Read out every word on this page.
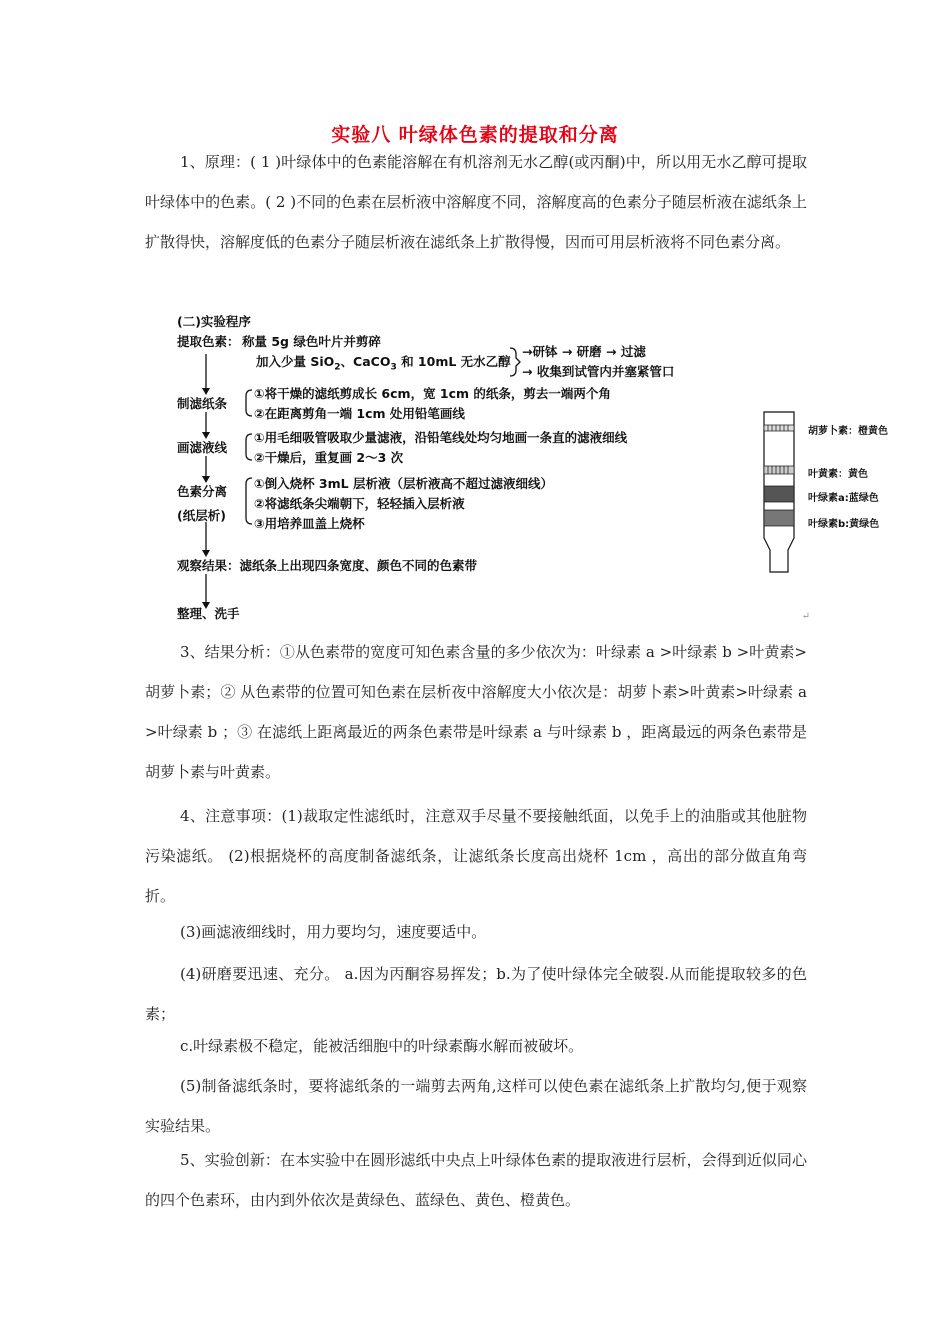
实验八 叶绿体色素的提取和分离
1、原理：( 1 )叶绿体中的色素能溶解在有机溶剂无水乙醇(或丙酮)中，所以用无水乙醇可提取叶绿体中的色素。( 2 )不同的色素在层析液中溶解度不同，溶解度高的色素分子随层析液在滤纸条上扩散得快，溶解度低的色素分子随层析液在滤纸条上扩散得慢，因而可用层析液将不同色素分离。
(二)实验程序
提取色素： 称量 5g 绿色叶片并剪碎
加入少量 SiO$_2$、CaCO$_3$ 和 10mL 无水乙醇
→研钵 → 研磨 → 过滤
→ 收集到试管内并塞紧管口
制滤纸条
①将干燥的滤纸剪成长 6cm，宽 1cm 的纸条，剪去一端两个角
②在距离剪角一端 1cm 处用铅笔画线
画滤液线
①用毛细吸管吸取少量滤液，沿铅笔线处均匀地画一条直的滤液细线
②干燥后，重复画 2～3 次
色素分离
(纸层析)
①倒入烧杯 3mL 层析液（层析液高不超过滤液细线）
②将滤纸条尖端朝下，轻轻插入层析液
③用培养皿盖上烧杯
观察结果：滤纸条上出现四条宽度、颜色不同的色素带
整理、洗手	↵
胡萝卜素：橙黄色
叶黄素：黄色
叶绿素a:蓝绿色
叶绿素b:黄绿色
3、结果分析：①从色素带的宽度可知色素含量的多少依次为：叶绿素 a >叶绿素 b >叶黄素>胡萝卜素；② 从色素带的位置可知色素在层析夜中溶解度大小依次是：胡萝卜素>叶黄素>叶绿素 a >叶绿素 b ；③ 在滤纸上距离最近的两条色素带是叶绿素 a 与叶绿素 b ，距离最远的两条色素带是胡萝卜素与叶黄素。
4、注意事项：(1)裁取定性滤纸时，注意双手尽量不要接触纸面，以免手上的油脂或其他脏物污染滤纸。 (2)根据烧杯的高度制备滤纸条，让滤纸条长度高出烧杯 1cm ，高出的部分做直角弯折。
(3)画滤液细线时，用力要均匀，速度要适中。
(4)研磨要迅速、充分。 a.因为丙酮容易挥发；b.为了使叶绿体完全破裂.从而能提取较多的色素；
c.叶绿素极不稳定，能被活细胞中的叶绿素酶水解而被破坏。
(5)制备滤纸条时，要将滤纸条的一端剪去两角,这样可以使色素在滤纸条上扩散均匀,便于观察实验结果。
5、实验创新：在本实验中在圆形滤纸中央点上叶绿体色素的提取液进行层析，会得到近似同心的四个色素环，由内到外依次是黄绿色、蓝绿色、黄色、橙黄色。
